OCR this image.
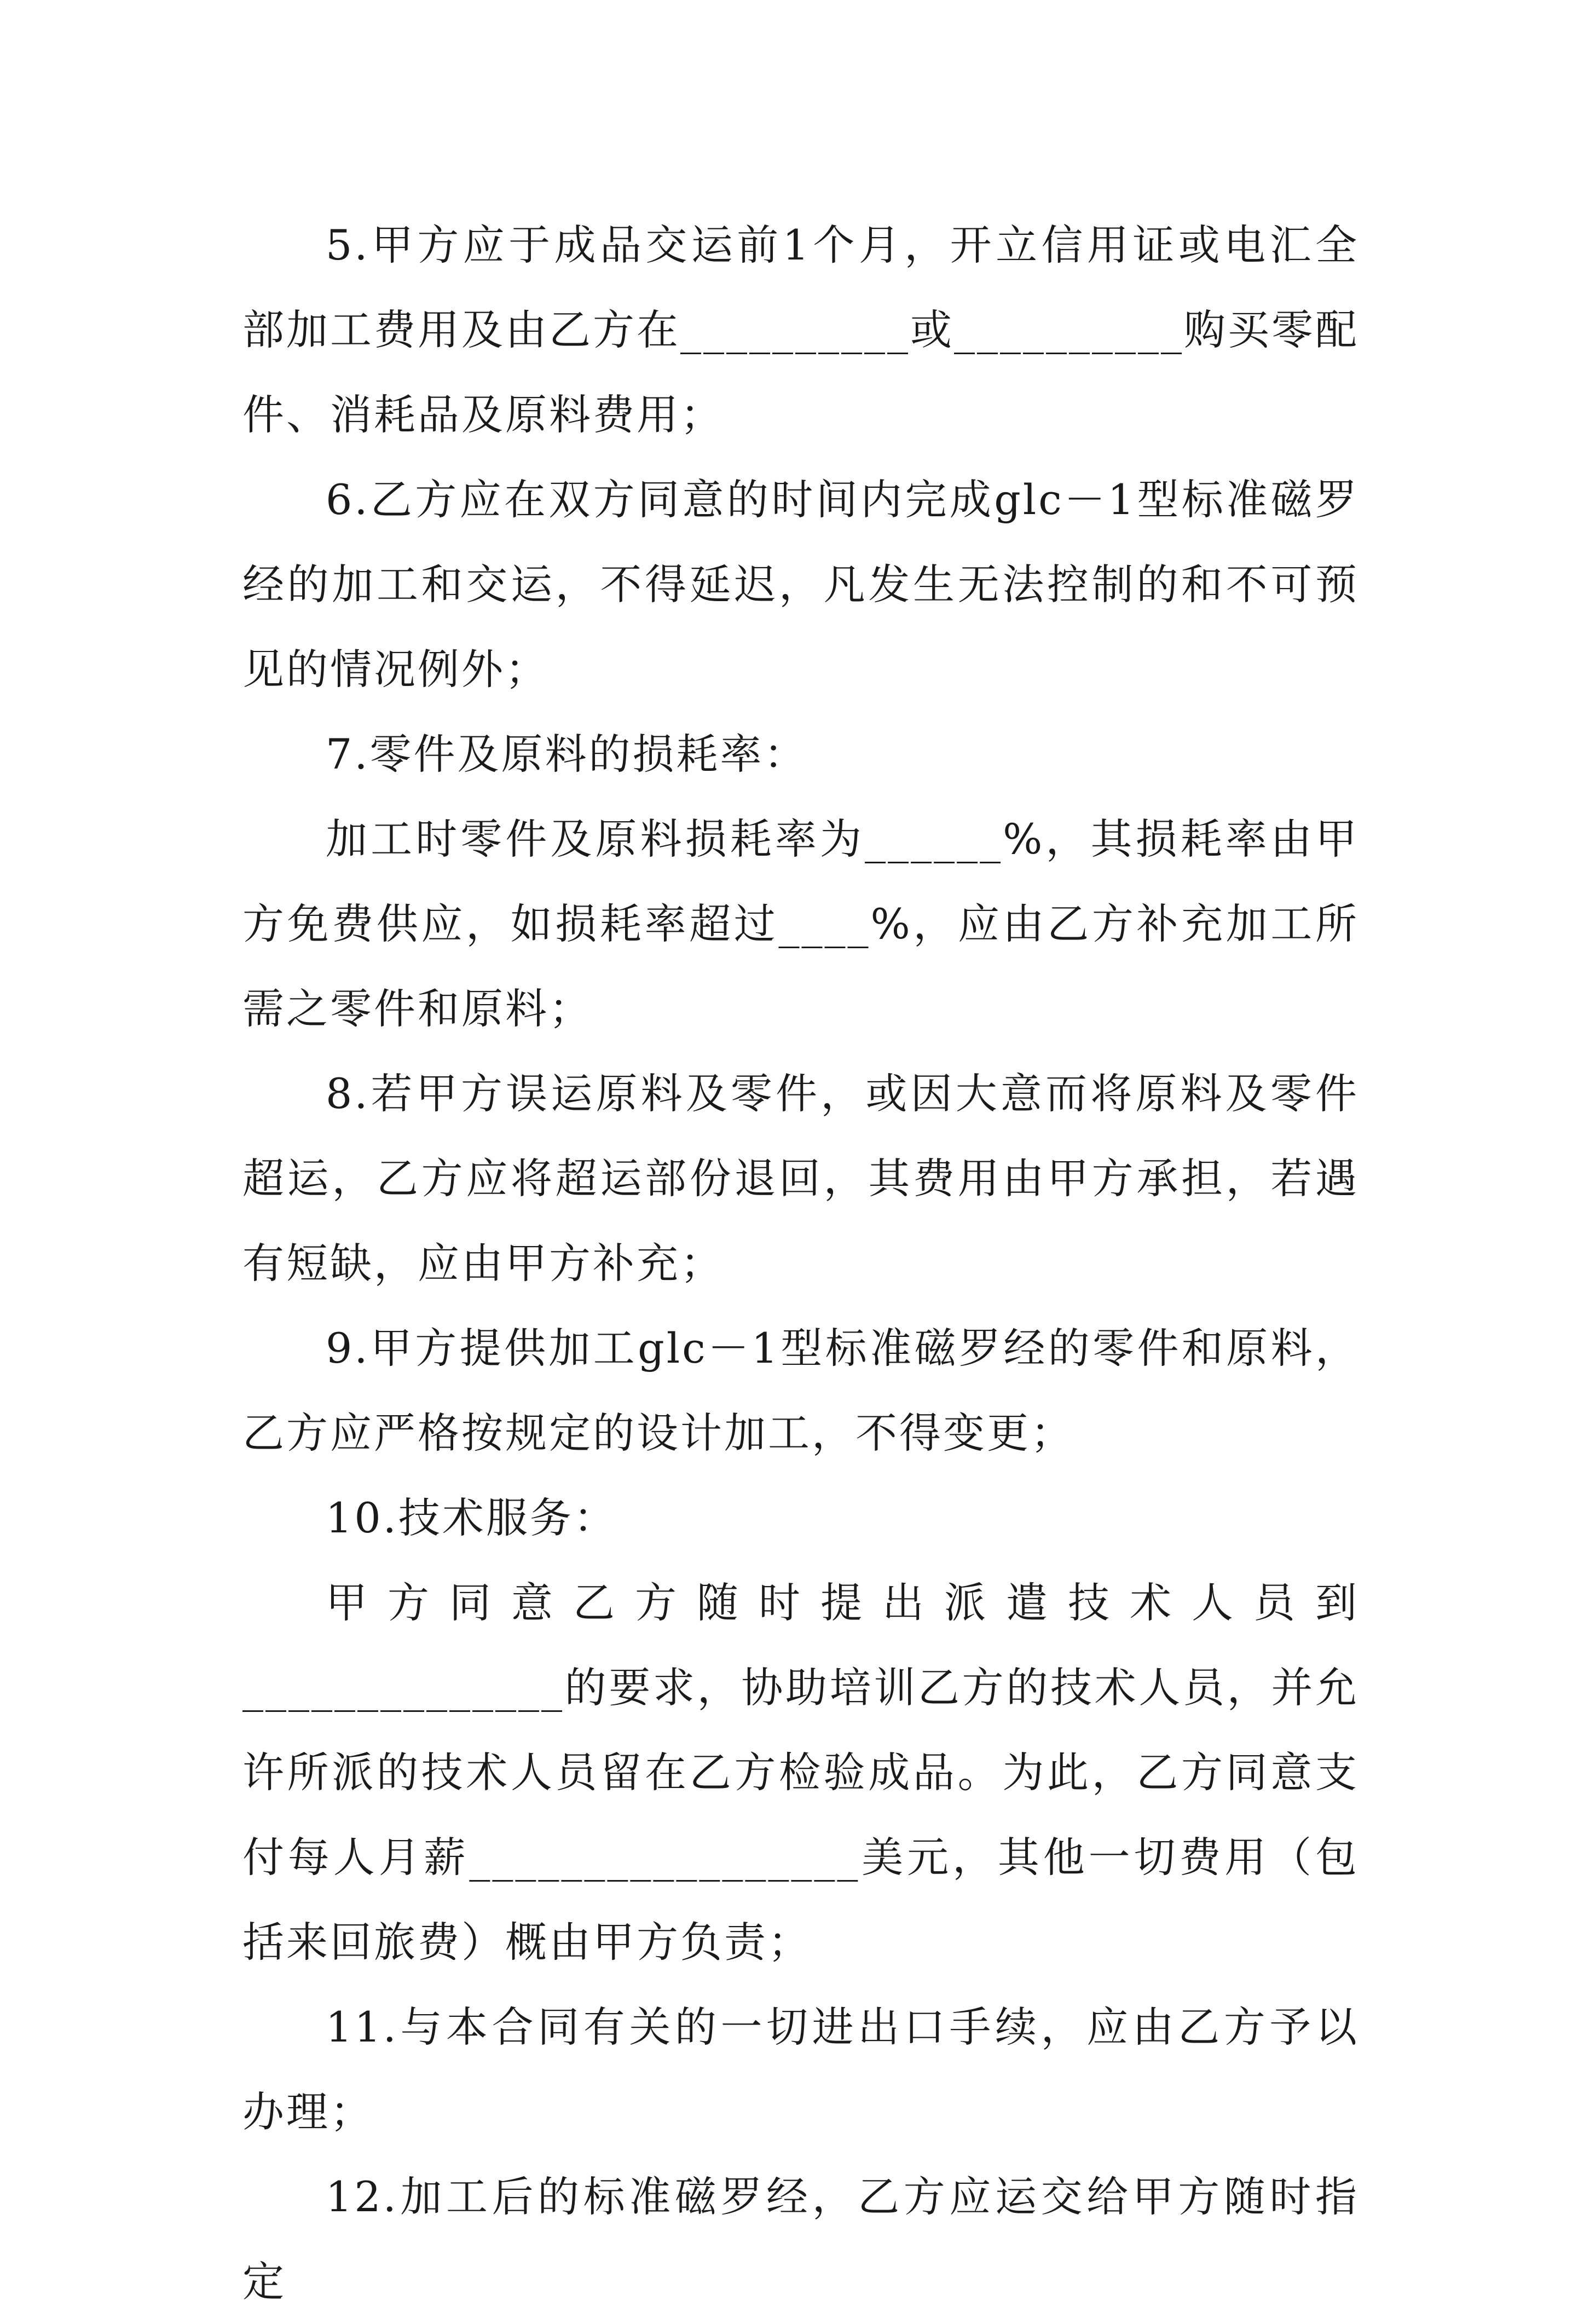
5.甲方应于成品交运前1个月，开立信用证或电汇全部加工费用及由乙方在__________或__________购买零配件、消耗品及原料费用；

6.乙方应在双方同意的时间内完成glc－1型标准磁罗经的加工和交运，不得延迟，凡发生无法控制的和不可预见的情况例外；

7.零件及原料的损耗率：

加工时零件及原料损耗率为______%，其损耗率由甲方免费供应，如损耗率超过____%，应由乙方补充加工所需之零件和原料；

8.若甲方误运原料及零件，或因大意而将原料及零件超运，乙方应将超运部份退回，其费用由甲方承担，若遇有短缺，应由甲方补充；

9.甲方提供加工glc－1型标准磁罗经的零件和原料，乙方应严格按规定的设计加工，不得变更；

10.技术服务：

甲方同意乙方随时提出派遣技术人员到______________的要求，协助培训乙方的技术人员，并允许所派的技术人员留在乙方检验成品。为此，乙方同意支付每人月薪_________________美元，其他一切费用（包括来回旅费）概由甲方负责；

11.与本合同有关的一切进出口手续，应由乙方予以办理；

12.加工后的标准磁罗经，乙方应运交给甲方随时指定
